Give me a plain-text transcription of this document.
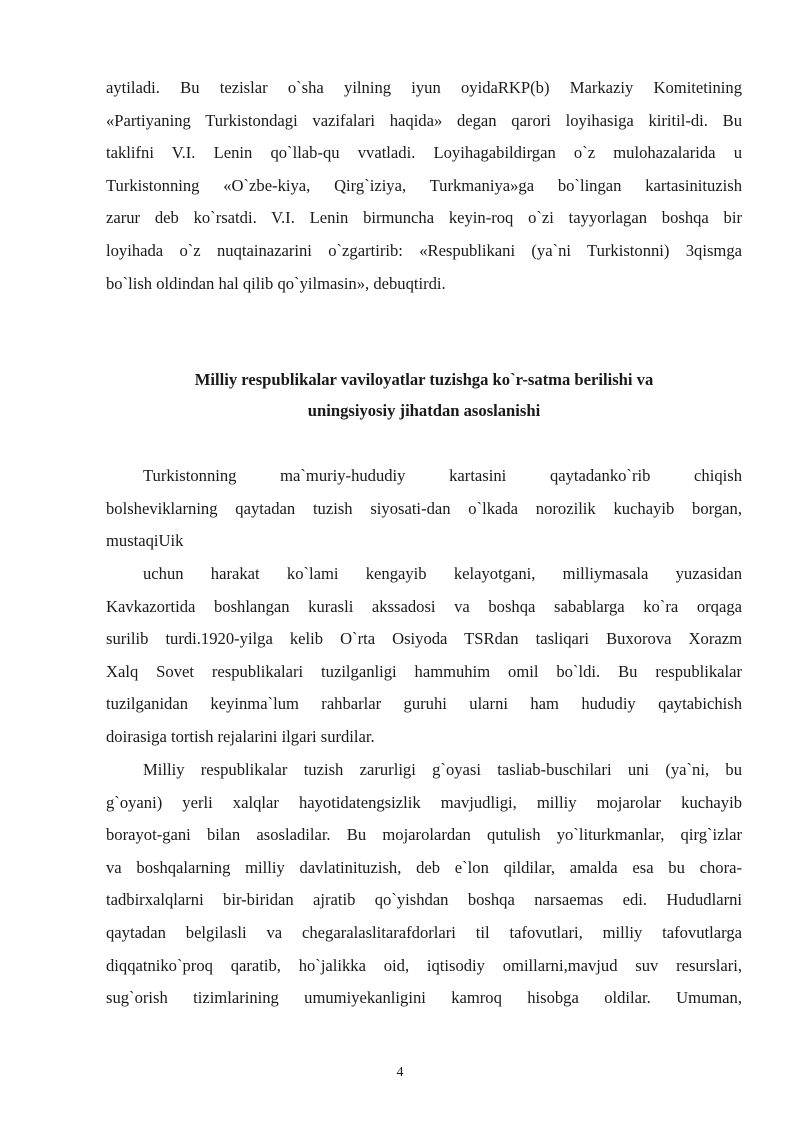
aytiladi. Bu tezislar o`sha yilning iyun oyidaRKP(b) Markaziy Komitetining
«Partiyaning Turkistondagi vazifalari haqida» degan qarori loyihasiga kiritil-di. Bu
taklifni V.I. Lenin qo`llab-qu vvatladi. Loyihagabildirgan o`z mulohazalarida u
Turkistonning «O`zbe-kiya, Qirg`iziya, Turkmaniya»ga bo`lingan kartasinituzish
zarur deb ko`rsatdi. V.I. Lenin birmuncha keyin-roq o`zi tayyorlagan boshqa bir
loyihada o`z nuqtainazarini o`zgartirib: «Respublikani (ya`ni Turkistonni) 3qismga
bo`lish oldindan hal qilib qo`yilmasin», debuqtirdi.
Milliy respublikalar vaviloyatlar tuzishga ko`r-satma berilishi va
uningsiyosiy jihatdan asoslanishi
Turkistonning ma`muriy-hududiy kartasini qaytadanko`rib chiqish
bolsheviklarning qaytadan tuzish siyosati-dan o`lkada norozilik kuchayib borgan,
mustaqiUik
uchun harakat ko`lami kengayib kelayotgani, milliymasala yuzasidan
Kavkazortida boshlangan kurasli akssadosi va boshqa sabablarga ko`ra orqaga
surilib turdi.1920-yilga kelib O`rta Osiyoda TSRdan tasliqari Buxorova Xorazm
Xalq Sovet respublikalari tuzilganligi hammuhim omil bo`ldi. Bu respublikalar
tuzilganidan keyinma`lum rahbarlar guruhi ularni ham hududiy qaytabichish
doirasiga tortish rejalarini ilgari surdilar.
Milliy respublikalar tuzish zarurligi g`oyasi tasliab-buschilari uni (ya`ni, bu
g`oyani) yerli xalqlar hayotidatengsizlik mavjudligi, milliy mojarolar kuchayib
borayot-gani bilan asosladilar. Bu mojarolardan qutulish yo`liturkmanlar, qirg`izlar
va boshqalarning milliy davlatinituzish, deb e`lon qildilar, amalda esa bu chora-
tadbirxalqlarni bir-biridan ajratib qo`yishdan boshqa narsaemas edi. Hududlarni
qaytadan belgilasli va chegaralaslitarafdorlari til tafovutlari, milliy tafovutlarga
diqqatniko`proq qaratib, ho`jalikka oid, iqtisodiy omillarni,mavjud suv resurslari,
sug`orish tizimlarining umumiyekanligini kamroq hisobga oldilar. Umuman,
4
